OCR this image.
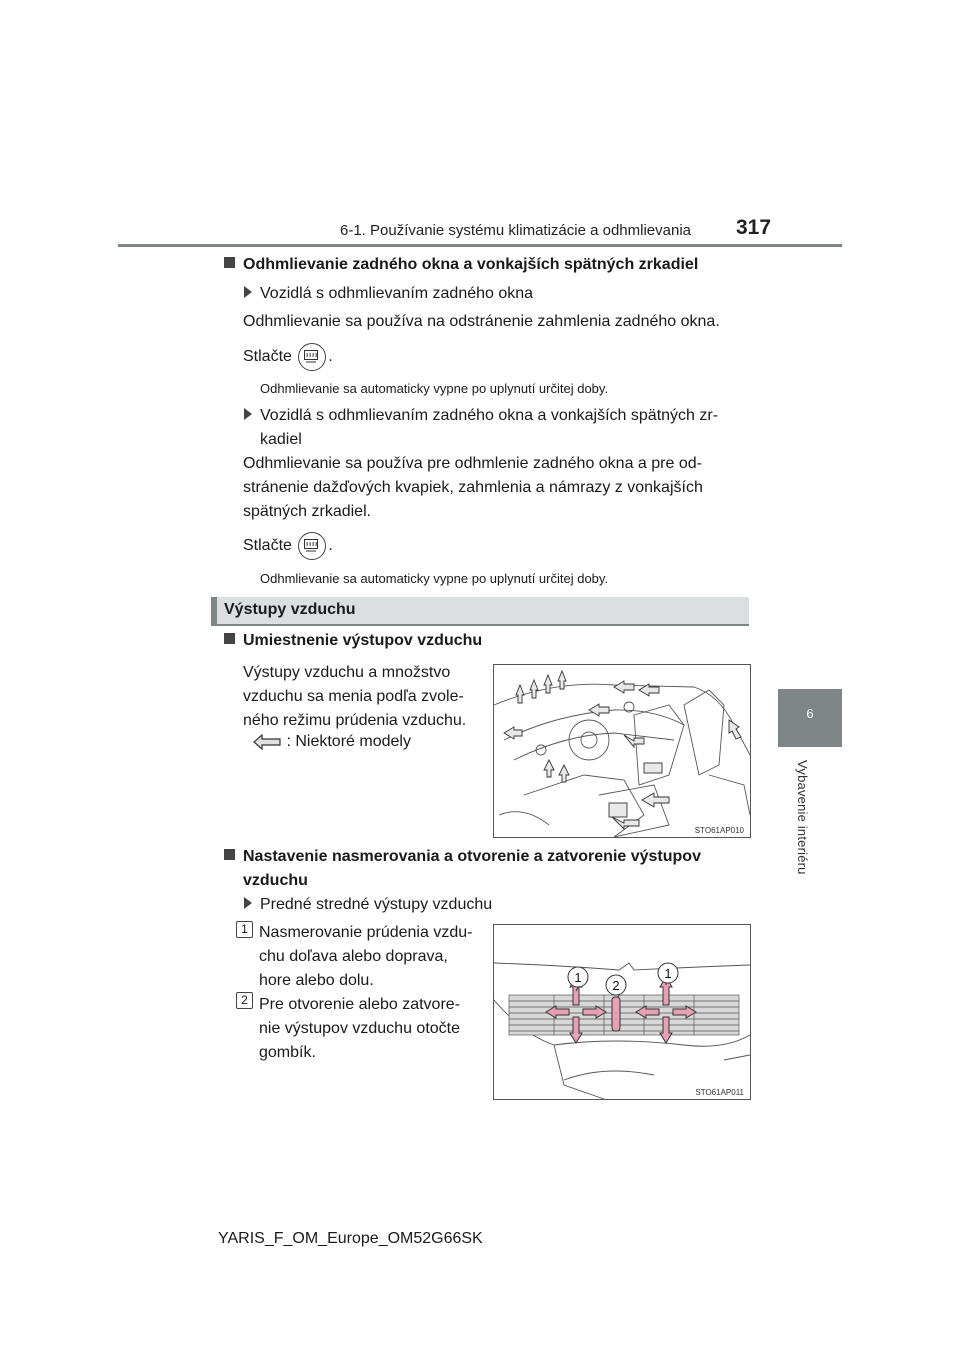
6-1. Používanie systému klimatizácie a odhmlievania 317
6
Vybavenie interiéru
Odhmlievanie zadného okna a vonkajších spätných zrkadiel
Vozidlá s odhmlievaním zadného okna
Odhmlievanie sa používa na odstránenie zahmlenia zadného okna.
Stlačte .
Odhmlievanie sa automaticky vypne po uplynutí určitej doby.
Vozidlá s odhmlievaním zadného okna a vonkajších spätných zr-
kadiel
Odhmlievanie sa používa pre odhmlenie zadného okna a pre od-
stránenie dažďových kvapiek, zahmlenia a námrazy z vonkajších
spätných zrkadiel.
Stlačte .
Odhmlievanie sa automaticky vypne po uplynutí určitej doby.
Výstupy vzduchu
Umiestnenie výstupov vzduchu
Výstupy vzduchu a množstvo
vzduchu sa menia podľa zvole-
ného režimu prúdenia vzduchu.
: Niektoré modely
STO61AP010
Nastavenie nasmerovania a otvorenie a zatvorenie výstupov
vzduchu
Predné stredné výstupy vzduchu
1 Nasmerovanie prúdenia vzdu-
chu doľava alebo doprava,
hore alebo dolu.
2 Pre otvorenie alebo zatvore-
nie výstupov vzduchu otočte
gombík.
1
2
1
STO61AP011
YARIS_F_OM_Europe_OM52G66SK
